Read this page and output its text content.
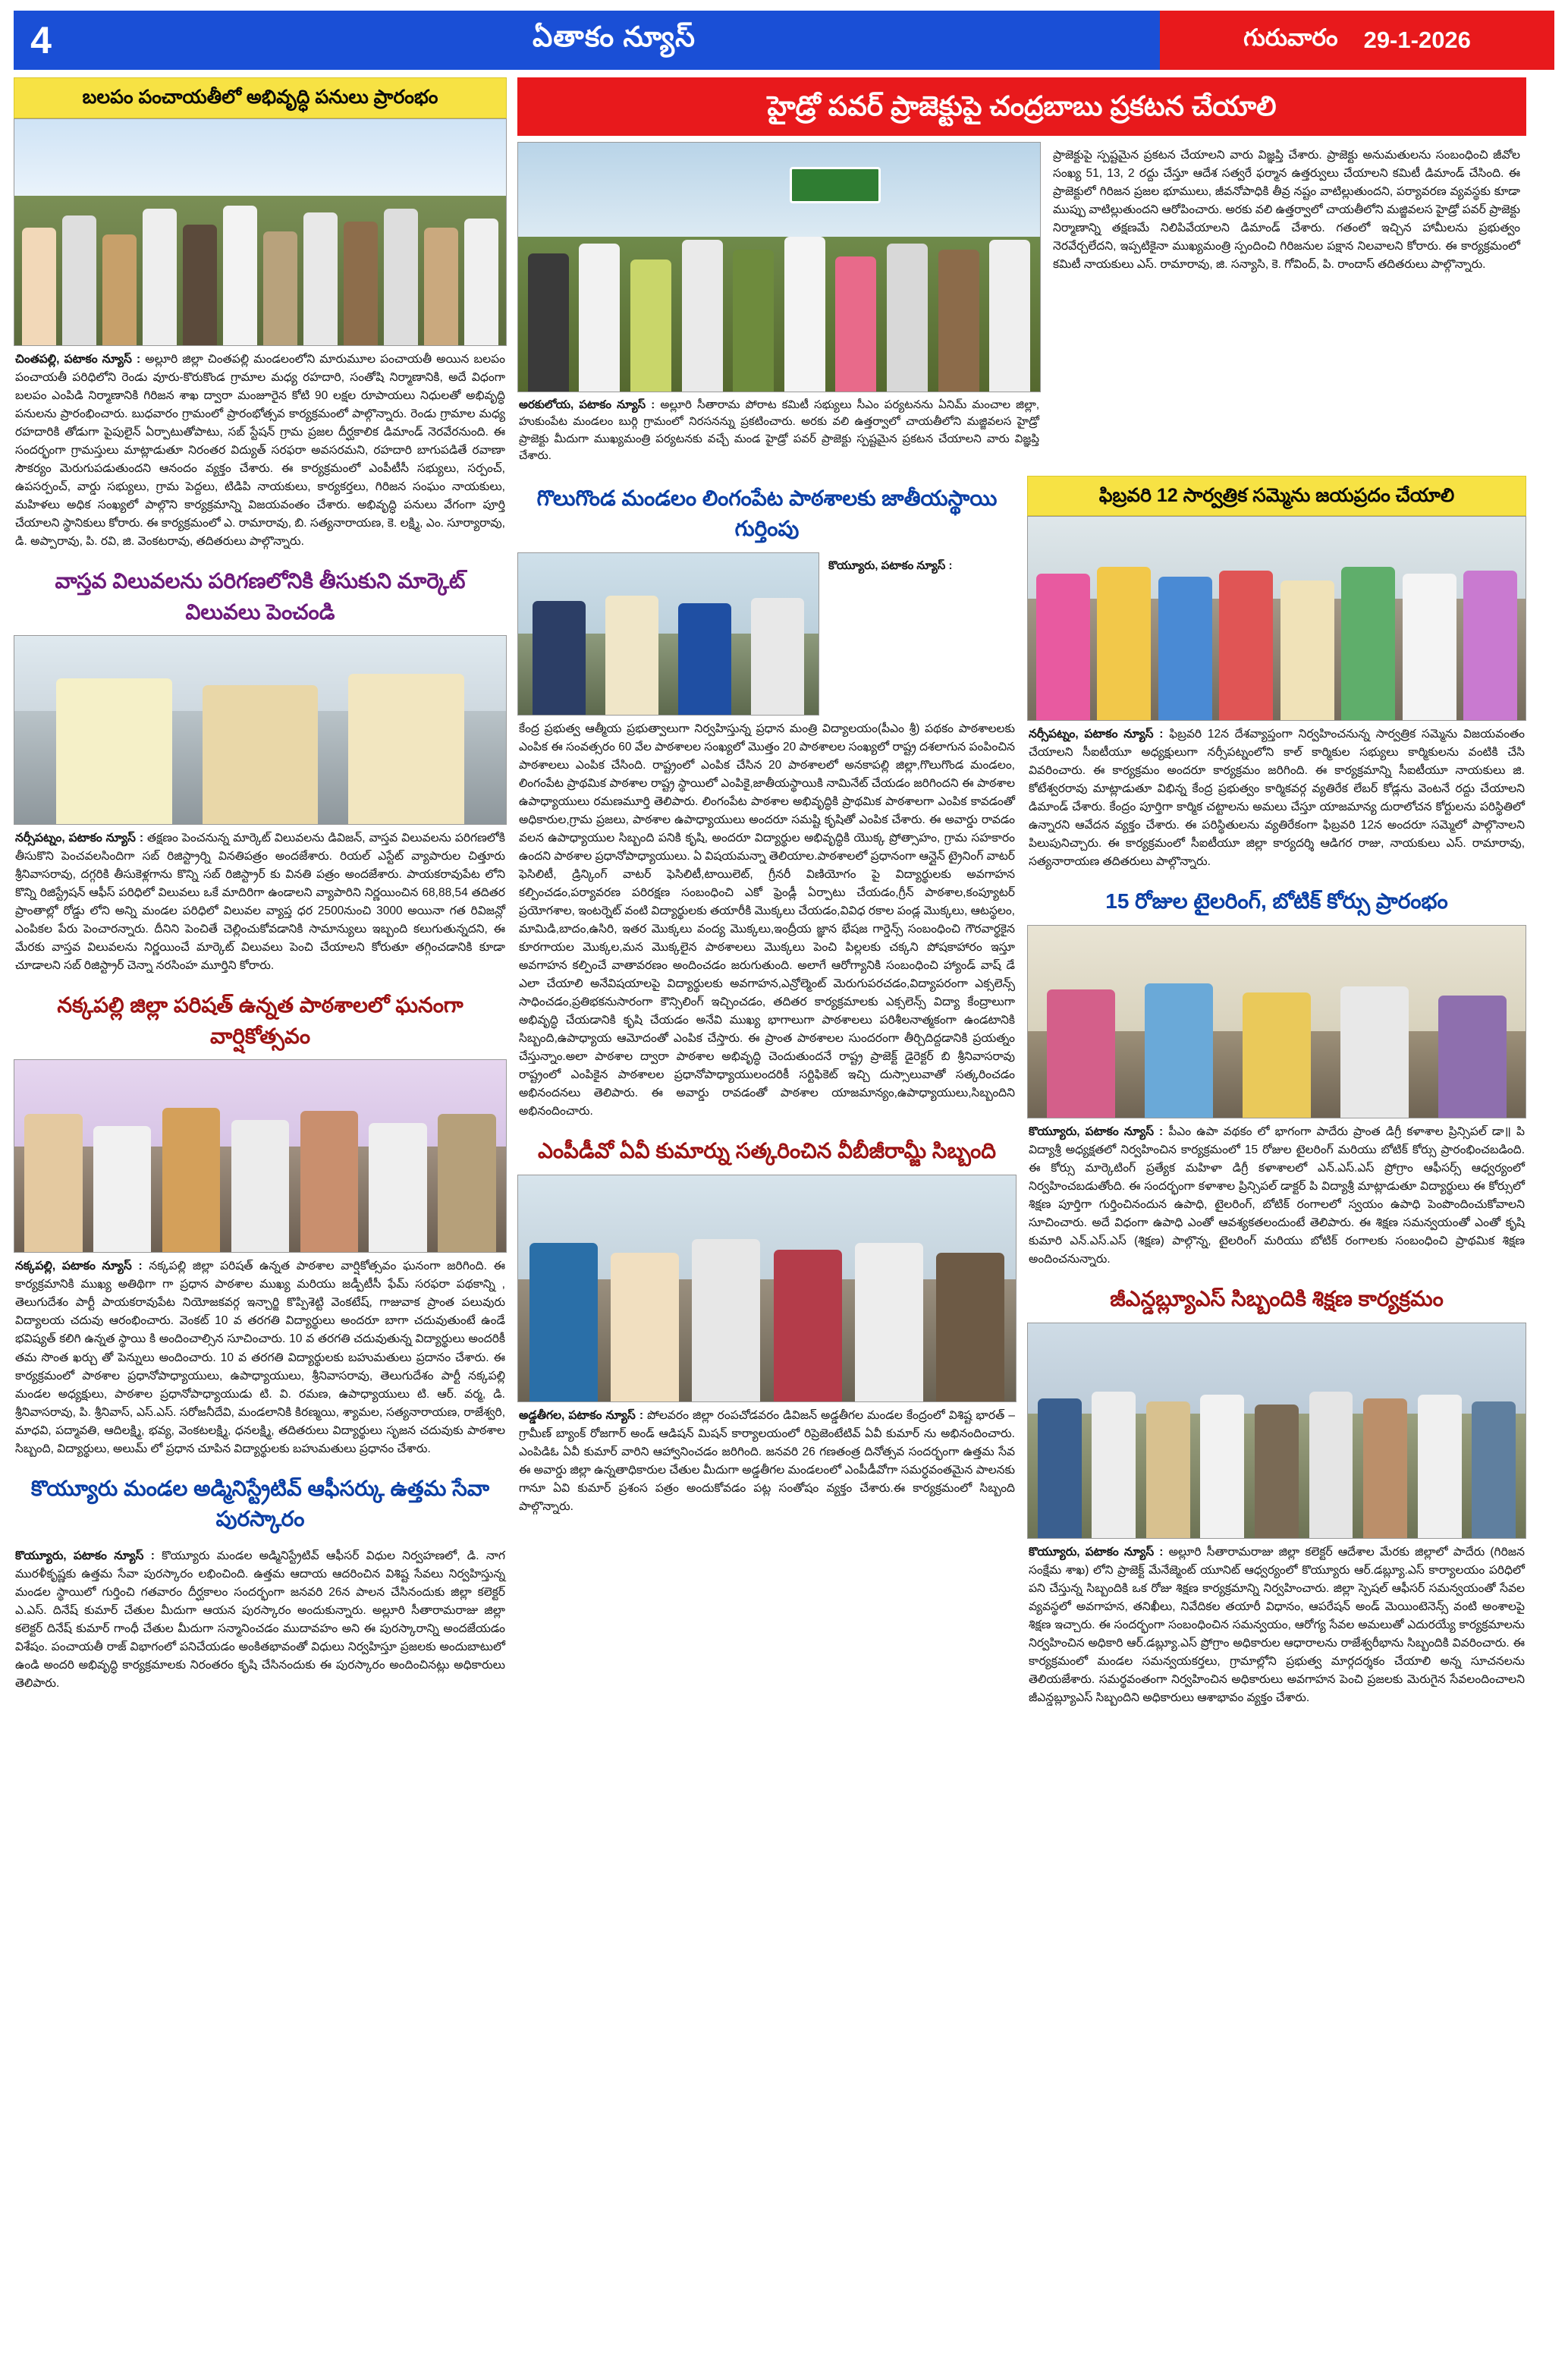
4	ఏతాకం న్యూస్	గురువారం 29-1-2026
బలపం పంచాయతీలో అభివృద్ధి పనులు ప్రారంభం
చింతపల్లి, పటాకం న్యూస్ : అల్లూరి జిల్లా చింతపల్లి మండలంలోని మారుమూల పంచాయతీ అయిన బలపం పంచాయతీ పరిధిలోని రెండు వూరు-కొరుకొండ గ్రామాల మధ్య రహదారి, సంతోషి నిర్మాణానికి, అదే విధంగా బలపం ఎంపిడి నిర్మాణానికి గిరిజన శాఖ ద్వారా మంజూరైన కోటి 90 లక్షల రూపాయలు నిధులతో అభివృద్ధి పనులను ప్రారంభించారు. బుధవారం గ్రామంలో ప్రారంభోత్సవ కార్యక్రమంలో పాల్గొన్నారు. రెండు గ్రామాల మధ్య రహదారికి తోడుగా పైపులైన్ ఏర్పాటుతోపాటు, సబ్ స్టేషన్ గ్రామ ప్రజల దీర్ఘకాలిక డిమాండ్ నెరవేరనుంది. ఈ సందర్భంగా గ్రామస్తులు మాట్లాడుతూ నిరంతర విద్యుత్ సరఫరా అవసరమని, రహదారి బాగుపడితే రవాణా సౌకర్యం మెరుగుపడుతుందని ఆనందం వ్యక్తం చేశారు. ఈ కార్యక్రమంలో ఎంపీటీసీ సభ్యులు, సర్పంచ్, ఉపసర్పంచ్, వార్డు సభ్యులు, గ్రామ పెద్దలు, టిడిపి నాయకులు, కార్యకర్తలు, గిరిజన సంఘం నాయకులు, మహిళలు అధిక సంఖ్యలో పాల్గొని కార్యక్రమాన్ని విజయవంతం చేశారు. అభివృద్ధి పనులు వేగంగా పూర్తి చేయాలని స్థానికులు కోరారు. ఈ కార్యక్రమంలో ఎ. రామారావు, బి. సత్యనారాయణ, కె. లక్ష్మి, ఎం. సూర్యారావు, డి. అప్పారావు, పి. రవి, జి. వెంకటరావు, తదితరులు పాల్గొన్నారు.
వాస్తవ విలువలను పరిగణలోనికి తీసుకుని మార్కెట్ విలువలు పెంచండి
నర్సీపట్నం, పటాకం న్యూస్ : తక్షణం పెంచనున్న మార్కెట్ విలువలను డివిజన్, వాస్తవ విలువలను పరిగణలోకి తీసుకొని పెంచవలసిందిగా సబ్ రిజిస్ట్రార్ని వినతిపత్రం అందజేశారు. రియల్ ఎస్టేట్ వ్యాపారుల చిత్తూరు శ్రీనివాసరావు, దగ్గరికి తీసుకెళ్లగాను కొన్ని సబ్ రిజిస్ట్రార్ కు వినతి పత్రం అందజేశారు. పాయకరావుపేట లోని కొన్ని రిజిస్ట్రేషన్ ఆఫీస్ పరిధిలో విలువలు ఒకే మాదిరిగా ఉండాలని వ్యాపారిని నిర్ణయించిన 68,88,54 తదితర ప్రాంతాల్లో రోడ్డు లోని అన్ని మండల పరిధిలో విలువల వ్యాప్త ధర 2500నుంచి 3000 అయినా గత రివిజన్లో ఎంపికల పేరు పెంచారన్నారు. దీనిని పెంచితే చెల్లించుకోవడానికి సామాన్యులు ఇబ్బంది కలుగుతున్నదని, ఈ మేరకు వాస్తవ విలువలను నిర్ణయించే మార్కెట్ విలువలు పెంచి చేయాలని కోరుతూ తగ్గించడానికి కూడా చూడాలని సబ్ రిజిస్ట్రార్ చెన్నా నరసింహ మూర్తిని కోరారు.
నక్కపల్లి జిల్లా పరిషత్ ఉన్నత పాఠశాలలో ఘనంగా వార్షికోత్సవం
నక్కపల్లి, పటాకం న్యూస్ : నక్కపల్లి జిల్లా పరిషత్ ఉన్నత పాఠశాల వార్షికోత్సవం ఘనంగా జరిగింది. ఈ కార్యక్రమానికి ముఖ్య అతిథిగా గా ప్రధాన పాఠశాల ముఖ్య మరియు జడ్పీటీసీ ఫేమ్ సరఫరా పథకాన్ని , తెలుగుదేశం పార్టీ పాయకరావుపేట నియోజకవర్గ ఇన్చార్జి కొప్పిశెట్టి వెంకటేష్, గాజువాక ప్రాంత పలువురు విద్యాలయ చదువు ఆరంభించారు. వెంకట్ 10 వ తరగతి విద్యార్థులు అందరూ బాగా చదువుతుంటే ఉండే భవిష్యత్ కలిగి ఉన్నత స్థాయి కి అందించాల్సిన సూచించారు. 10 వ తరగతి చదువుతున్న విద్యార్థులు అందరికీ తమ సొంత ఖర్చు తో పెన్నులు అందించారు. 10 వ తరగతి విద్యార్థులకు బహుమతులు ప్రదానం చేశారు. ఈ కార్యక్రమంలో పాఠశాల ప్రధానోపాధ్యాయులు, ఉపాధ్యాయులు, శ్రీనివాసరావు, తెలుగుదేశం పార్టీ నక్కపల్లి మండల అధ్యక్షులు, పాఠశాల ప్రధానోపాధ్యాయుడు టి. వి. రమణ, ఉపాధ్యాయులు టి. ఆర్. వర్మ, డి. శ్రీనివాసరావు, పి. శ్రీనివాస్, ఎస్.ఎస్. సరోజనీదేవి, మండలానికి కిరణ్మయి, శ్యామల, సత్యనారాయణ, రాజేశ్వరి, మాధవి, పద్మావతి, ఆదిలక్ష్మి, భవ్య, వెంకటలక్ష్మి, ధనలక్ష్మి, తదితరులు విద్యార్థులు సృజన చదువుకు పాఠశాల సిబ్బంది, విద్యార్థులు, అలుమ్ లో ప్రధాన చూపిన విద్యార్థులకు బహుమతులు ప్రధానం చేశారు.
కొయ్యూరు మండల అడ్మినిస్ట్రేటివ్ ఆఫీసర్కు ఉత్తమ సేవా పురస్కారం
కొయ్యూరు, పటాకం న్యూస్ : కొయ్యూరు మండల అడ్మినిస్ట్రేటివ్ ఆఫీసర్ విధుల నిర్వహణలో, డి. నాగ మురళీకృష్ణకు ఉత్తమ సేవా పురస్కారం లభించింది. ఉత్తమ ఆదాయ ఆదరించిన విశిష్ట సేవలు నిర్వహిస్తున్న మండల స్థాయిలో గుర్తించి గతవారం దీర్ఘకాలం సందర్భంగా జనవరి 26న పాలన చేసినందుకు జిల్లా కలెక్టర్ ఎ.ఎస్. దినేష్ కుమార్ చేతుల మీదుగా ఆయన పురస్కారం అందుకున్నారు. అల్లూరి సీతారామరాజు జిల్లా కలెక్టర్ దినేష్ కుమార్ గాంధీ చేతుల మీదుగా సన్మానించడం ముదావహం అని ఈ పురస్కారాన్ని అందజేయడం విశేషం. పంచాయతీ రాజ్ విభాగంలో పనిచేయడం అంకితభావంతో విధులు నిర్వహిస్తూ ప్రజలకు అందుబాటులో ఉండి అందరి అభివృద్ధి కార్యక్రమాలకు నిరంతరం కృషి చేసినందుకు ఈ పురస్కారం అందించినట్లు అధికారులు తెలిపారు.
హైడ్రో పవర్ ప్రాజెక్టుపై చంద్రబాబు ప్రకటన చేయాలి
అరకులోయ, పటాకం న్యూస్ : అల్లూరి సీతారామ పోరాట కమిటీ సభ్యులు సీఎం పర్యటనను ఏనిమ్ మంచాల జిల్లా, హుకుంపేట మండలం బుర్గి గ్రామంలో నిరసనన్ను ప్రకటించారు. అరకు వలి ఉత్తర్వాలో చాయతీలోని మజ్జివలస హైడ్రో ప్రాజెక్టు మీదుగా ముఖ్యమంత్రి పర్యటనకు వచ్చే మండ హైడ్రో పవర్ ప్రాజెక్టు స్పష్టమైన ప్రకటన చేయాలని వారు విజ్ఞప్తి చేశారు.
ప్రాజెక్టుపై స్పష్టమైన ప్రకటన చేయాలని వారు విజ్ఞప్తి చేశారు. ప్రాజెక్టు అనుమతులను సంబంధించి జీవోల సంఖ్య 51, 13, 2 రద్దు చేస్తూ ఆదేశ సత్వరే ఫర్మాన ఉత్తర్వులు చేయాలని కమిటీ డిమాండ్ చేసింది. ఈ ప్రాజెక్టులో గిరిజన ప్రజల భూములు, జీవనోపాధికి తీవ్ర నష్టం వాటిల్లుతుందని, పర్యావరణ వ్యవస్థకు కూడా ముప్పు వాటిల్లుతుందని ఆరోపించారు. అరకు వలి ఉత్తర్వాలో చాయతీలోని మజ్జివలస హైడ్రో పవర్ ప్రాజెక్టు నిర్మాణాన్ని తక్షణమే నిలిపివేయాలని డిమాండ్ చేశారు. గతంలో ఇచ్చిన హామీలను ప్రభుత్వం నెరవేర్చలేదని, ఇప్పటికైనా ముఖ్యమంత్రి స్పందించి గిరిజనుల పక్షాన నిలవాలని కోరారు. ఈ కార్యక్రమంలో కమిటీ నాయకులు ఎస్. రామారావు, జి. సన్యాసి, కె. గోవింద్, పి. రాందాస్ తదితరులు పాల్గొన్నారు.
గొలుగొండ మండలం లింగంపేట పాఠశాలకు జాతీయస్థాయి గుర్తింపు
కొయ్యూరు, పటాకం న్యూస్ :
కేంద్ర ప్రభుత్వ ఆత్మీయ ప్రభుత్వాలుగా నిర్వహిస్తున్న ప్రధాన మంత్రి విద్యాలయం(పీఎం శ్రీ) పథకం పాఠశాలలకు ఎంపిక ఈ సంవత్సరం 60 వేల పాఠశాలల సంఖ్యలో మొత్తం 20 పాఠశాలల సంఖ్యలో రాష్ట్ర దశలాగున పంపించిన పాఠశాలలు ఎంపిక చేసింది. రాష్ట్రంలో ఎంపిక చేసిన 20 పాఠశాలలో అనకాపల్లి జిల్లా,గొలుగొండ మండలం, లింగంపేట ప్రాథమిక పాఠశాల రాష్ట్ర స్థాయిలో ఎంపికై,జాతీయస్థాయికి నామినేట్ చేయడం జరిగిందని ఈ పాఠశాల ఉపాధ్యాయులు రమణమూర్తి తెలిపారు. లింగంపేట పాఠశాల అభివృద్ధికి ప్రాథమిక పాఠశాలగా ఎంపిక కావడంతో అధికారుల,గ్రామ ప్రజలు, పాఠశాల ఉపాధ్యాయులు అందరూ సమష్టి కృషితో ఎంపిక చేశారు. ఈ అవార్డు రావడం వలన ఉపాధ్యాయుల సిబ్బంది పనికి కృషి, అందరూ విద్యార్థుల అభివృద్ధికి యొక్క ప్రోత్సాహం, గ్రామ సహకారం ఉందని పాఠశాల ప్రధానోపాధ్యాయులు. ఏ విషయమన్నా తెలియాల.పాఠశాలలో ప్రధానంగా ఆన్లైన్ ట్రైనింగ్ వాటర్ ఫెసిలిటీ, డ్రిన్కింగ్ వాటర్ ఫెసిలిటీ,టాయిలెట్, గ్రీనరీ విణియోగం పై విద్యార్థులకు అవగాహన కల్పించడం,పర్యావరణ పరిరక్షణ సంబంధించి ఎకో ఫ్రెండ్లీ ఏర్పాటు చేయడం,గ్రీన్ పాఠశాల,కంప్యూటర్ ప్రయోగశాల, ఇంటర్నెట్ వంటి విద్యార్థులకు తయారీకి మొక్కలు చేయడం,వివిధ రకాల పండ్ల మొక్కలు, ఆటస్థలం, మామిడి,బాదం,ఉసిరి, ఇతర మొక్కలు వంద్య మొక్కలు,ఇంద్రీయ జ్ఞాన భేషజ గార్డెన్స్ సంబంధించి గౌరవార్థకైన కూరగాయల మొక్కల,మన మొక్కలైన పాఠశాలలు మొక్కలు పెంచి పిల్లలకు చక్కని పోషకాహారం ఇస్తూ అవగాహన కల్పించే వాతావరణం అందించడం జరుగుతుంది. అలాగే ఆరోగ్యానికి సంబంధించి హ్యాండ్ వాష్ డే ఎలా చేయాలి అనేవిషయాలపై విద్యార్థులకు అవగాహన,ఎన్రోల్మెంట్ మెరుగుపరచడం,విద్యాపరంగా ఎక్సలెన్స్ సాధించడం,ప్రతిభకనుసారంగా కౌన్సిలింగ్ ఇచ్చించడం, తదితర కార్యక్రమాలకు ఎక్సలెన్స్ విద్యా కేంద్రాలుగా అభివృద్ధి చేయడానికి కృషి చేయడం అనేవి ముఖ్య భాగాలుగా పాఠశాలలు పరిశీలనాత్మకంగా ఉండటానికి సిబ్బంది,ఉపాధ్యాయ ఆమోదంతో ఎంపిక చేస్తారు. ఈ ప్రాంత పాఠశాలల సుందరంగా తీర్చిదిద్దడానికి ప్రయత్నం చేస్తున్నాం.అలా పాఠశాల ద్వారా పాఠశాల అభివృద్ధి చెందుతుందనే రాష్ట్ర ప్రాజెక్ట్ డైరెక్టర్ బి శ్రీనివాసరావు రాష్ట్రంలో ఎంపికైన పాఠశాలల ప్రధానోపాధ్యాయులందరికీ సర్టిఫికెట్ ఇచ్చి దుస్సాలువాతో సత్కరించడం అభినందనలు తెలిపారు. ఈ అవార్డు రావడంతో పాఠశాల యాజమాన్యం,ఉపాధ్యాయులు,సిబ్బందిని అభినందించారు.
ఎంపీడీవో ఏవీ కుమార్ను సత్కరించిన వీబీజీరామ్జీ సిబ్బంది
అడ్డతీగల, పటాకం న్యూస్ : పోలవరం జిల్లా రంపచోడవరం డివిజన్ అడ్డతీగల మండల కేంద్రంలో విశిష్ట భారత్ – గ్రామీణ్ బ్యాంక్ రోజగార్ అండ్ ఆడిషన్ మిషన్ కార్యాలయంలో రిప్రెజెంటేటివ్ ఏవీ కుమార్ ను అభినందించారు. ఎంపిడిఓ ఏవీ కుమార్ వారిని ఆహ్వానించడం జరిగింది. జనవరి 26 గణతంత్ర దినోత్సవ సందర్భంగా ఉత్తమ సేవ ఈ అవార్డు జిల్లా ఉన్నతాధికారుల చేతుల మీదుగా అడ్డతీగల మండలంలో ఎంపీడీవోగా సమర్ధవంతమైన పాలనకు గానూ ఏవి కుమార్ ప్రశంస పత్రం అందుకోవడం పట్ల సంతోషం వ్యక్తం చేశారు.ఈ కార్యక్రమంలో సిబ్బంది పాల్గొన్నారు.
ఫిబ్రవరి 12 సార్వత్రిక సమ్మెను జయప్రదం చేయాలి
నర్సీపట్నం, పటాకం న్యూస్ : ఫిబ్రవరి 12న దేశవ్యాప్తంగా నిర్వహించనున్న సార్వత్రిక సమ్మెను విజయవంతం చేయాలని సీఐటీయూ అధ్యక్షులుగా నర్సీపట్నంలోని కాల్ కార్మికుల సభ్యులు కార్మికులను వంటికి చేసి వివరించారు. ఈ కార్యక్రమం అందరూ కార్యక్రమం జరిగింది. ఈ కార్యక్రమాన్ని సీఐటీయూ నాయకులు జి. కోటేశ్వరరావు మాట్లాడుతూ విభిన్న కేంద్ర ప్రభుత్వం కార్మికవర్గ వ్యతిరేక లేబర్ కోడ్లను వెంటనే రద్దు చేయాలని డిమాండ్ చేశారు. కేంద్రం పూర్తిగా కార్మిక చట్టాలను అమలు చేస్తూ యాజమాన్య దురాలోచన కోర్టులను పరిస్థితిలో ఉన్నారని ఆవేదన వ్యక్తం చేశారు. ఈ పరిస్థితులను వ్యతిరేకంగా ఫిబ్రవరి 12న అందరూ సమ్మెలో పాల్గొనాలని పిలుపునిచ్చారు. ఈ కార్యక్రమంలో సీఐటీయూ జిల్లా కార్యదర్శి ఆడిగర రాజు, నాయకులు ఎస్. రామారావు, సత్యనారాయణ తదితరులు పాల్గొన్నారు.
15 రోజుల టైలరింగ్, బోటిక్ కోర్సు ప్రారంభం
కొయ్యూరు, పటాకం న్యూస్ : పీఎం ఉపా వథకం లో భాగంగా పాదేరు ప్రాంత డిగ్రీ కళాశాల ప్రిన్సిపల్ డా॥ పి విద్యాశ్రీ అధ్యక్షతలో నిర్వహించిన కార్యక్రమంలో 15 రోజుల టైలరింగ్ మరియు బోటిక్ కోర్సు ప్రారంభించబడింది. ఈ కోర్సు మార్కెటింగ్ ప్రత్యేక మహిళా డిగ్రీ కళాశాలలో ఎన్.ఎస్.ఎస్ ప్రోగ్రాం ఆఫీసర్స్ ఆధ్వర్యంలో నిర్వహించబడుతోంది. ఈ సందర్భంగా కళాశాల ప్రిన్సిపల్ డాక్టర్ పి విద్యాశ్రీ మాట్లాడుతూ విద్యార్థులు ఈ కోర్సులో శిక్షణ పూర్తిగా గుర్తించినందున ఉపాధి, టైలరింగ్, బోటిక్ రంగాలలో స్వయం ఉపాధి పెంపొందించుకోవాలని సూచించారు. అదే విధంగా ఉపాధి ఎంతో ఆవశ్యకతలందుంటే తెలిపారు. ఈ శిక్షణ సమన్వయంతో ఎంతో కృషి కుమారి ఎన్.ఎస్.ఎస్ (శిక్షణ) పాల్గొన్న, టైలరింగ్ మరియు బోటిక్ రంగాలకు సంబంధించి ప్రాథమిక శిక్షణ అందించనున్నారు.
జీఎన్డబ్ల్యూఎస్ సిబ్బందికి శిక్షణ కార్యక్రమం
కొయ్యూరు, పటాకం న్యూస్ : అల్లూరి సీతారామరాజు జిల్లా కలెక్టర్ ఆదేశాల మేరకు జిల్లాలో పాదేరు (గిరిజన సంక్షేమ శాఖ) లోని ప్రాజెక్ట్ మేనేజ్మెంట్ యూనిట్ ఆధ్వర్యంలో కొయ్యూరు ఆర్.డబ్ల్యూ.ఎస్ కార్యాలయం పరిధిలో పని చేస్తున్న సిబ్బందికి ఒక రోజు శిక్షణ కార్యక్రమాన్ని నిర్వహించారు. జిల్లా స్పెషల్ ఆఫీసర్ సమన్వయంతో సేవల వ్యవస్థలో అవగాహన, తనిఖీలు, నివేదికల తయారీ విధానం, ఆపరేషన్ అండ్ మెయింటెనెన్స్ వంటి అంశాలపై శిక్షణ ఇచ్చారు. ఈ సందర్భంగా సంబంధించిన సమన్వయం, ఆరోగ్య సేవల అమలుతో ఎదురయ్యే కార్యక్రమాలను నిర్వహించిన అధికారి ఆర్.డబ్ల్యూ.ఎస్ ప్రోగ్రాం అధికారుల ఆధారాలను రాజేశ్వరీభాను సిబ్బందికి వివరించారు. ఈ కార్యక్రమంలో మండల సమన్వయకర్తలు, గ్రామాల్లోని ప్రభుత్వ మార్గదర్శకం చేయాలి అన్న సూచనలను తెలియజేశారు. సమర్థవంతంగా నిర్వహించిన అధికారులు అవగాహన పెంచి ప్రజలకు మెరుగైన సేవలందించాలని జీఎన్డబ్ల్యూఎస్ సిబ్బందిని అధికారులు ఆశాభావం వ్యక్తం చేశారు.
